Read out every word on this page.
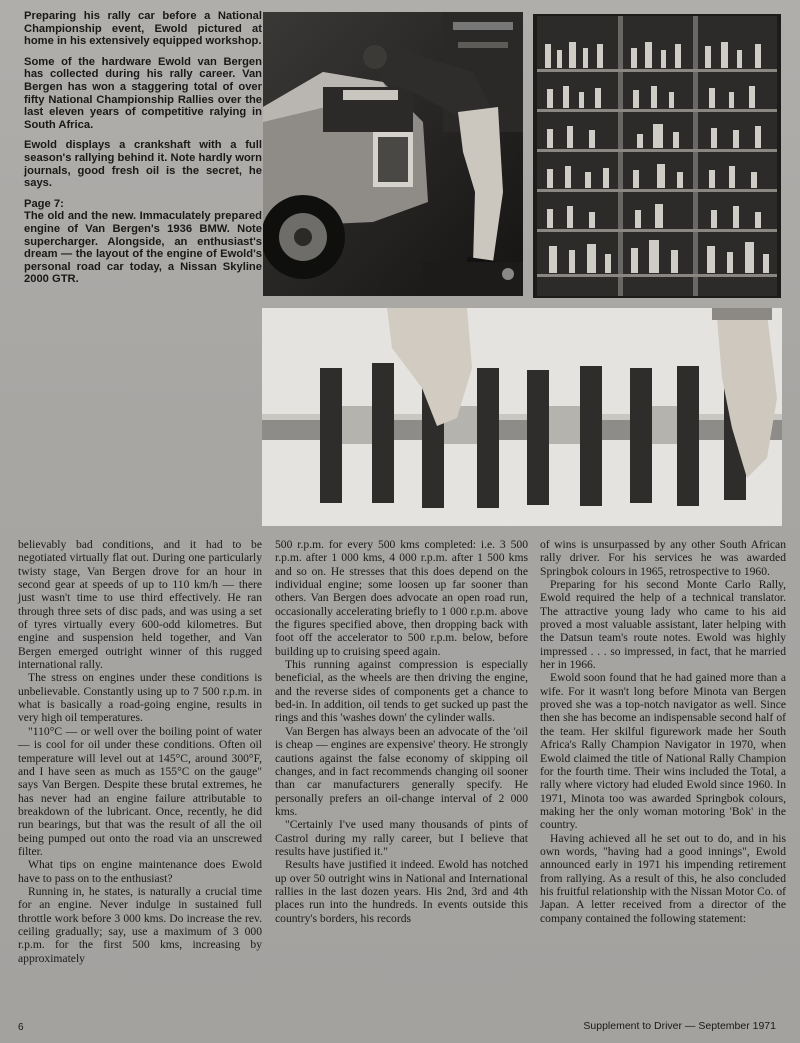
Preparing his rally car before a National Championship event, Ewold pictured at home in his extensively equipped workshop.

Some of the hardware Ewold van Bergen has collected during his rally career. Van Bergen has won a staggering total of over fifty National Championship Rallies over the last eleven years of competitive ralying in South Africa.

Ewold displays a crankshaft with a full season's rallying behind it. Note hardly worn journals, good fresh oil is the secret, he says.

Page 7:

The old and the new. Immaculately prepared engine of Van Bergen's 1936 BMW. Note supercharger. Alongside, an enthusiast's dream — the layout of the engine of Ewold's personal road car today, a Nissan Skyline 2000 GTR.

believably bad conditions, and it had to be negotiated virtually flat out. During one particularly twisty stage, Van Bergen drove for an hour in second gear at speeds of up to 110 km/h — there just wasn't time to use third effectively. He ran through three sets of disc pads, and was using a set of tyres virtually every 600-odd kilometres. But engine and suspension held together, and Van Bergen emerged outright winner of this rugged international rally.

The stress on engines under these conditions is unbelievable. Constantly using up to 7 500 r.p.m. in what is basically a road-going engine, results in very high oil temperatures.

"110°C — or well over the boiling point of water — is cool for oil under these conditions. Often oil temperature will level out at 145°C, around 300°F, and I have seen as much as 155°C on the gauge" says Van Bergen. Despite these brutal extremes, he has never had an engine failure attributable to breakdown of the lubricant. Once, recently, he did run bearings, but that was the result of all the oil being pumped out onto the road via an unscrewed filter.

What tips on engine maintenance does Ewold have to pass on to the enthusiast?

Running in, he states, is naturally a crucial time for an engine. Never indulge in sustained full throttle work before 3 000 kms. Do increase the rev. ceiling gradually; say, use a maximum of 3 000 r.p.m. for the first 500 kms, increasing by approximately

500 r.p.m. for every 500 kms completed: i.e. 3 500 r.p.m. after 1 000 kms, 4 000 r.p.m. after 1 500 kms and so on. He stresses that this does depend on the individual engine; some loosen up far sooner than others. Van Bergen does advocate an open road run, occasionally accelerating briefly to 1 000 r.p.m. above the figures specified above, then dropping back with foot off the accelerator to 500 r.p.m. below, before building up to cruising speed again.

This running against compression is especially beneficial, as the wheels are then driving the engine, and the reverse sides of components get a chance to bed-in. In addition, oil tends to get sucked up past the rings and this 'washes down' the cylinder walls.

Van Bergen has always been an advocate of the 'oil is cheap — engines are expensive' theory. He strongly cautions against the false economy of skipping oil changes, and in fact recommends changing oil sooner than car manufacturers generally specify. He personally prefers an oil-change interval of 2 000 kms.

"Certainly I've used many thousands of pints of Castrol during my rally career, but I believe that results have justified it."

Results have justified it indeed. Ewold has notched up over 50 outright wins in National and International rallies in the last dozen years. His 2nd, 3rd and 4th places run into the hundreds. In events outside this country's borders, his records

of wins is unsurpassed by any other South African rally driver. For his services he was awarded Springbok colours in 1965, retrospective to 1960.

Preparing for his second Monte Carlo Rally, Ewold required the help of a technical translator. The attractive young lady who came to his aid proved a most valuable assistant, later helping with the Datsun team's route notes. Ewold was highly impressed . . . so impressed, in fact, that he married her in 1966.

Ewold soon found that he had gained more than a wife. For it wasn't long before Minota van Bergen proved she was a top-notch navigator as well. Since then she has become an indispensable second half of the team. Her skilful figurework made her South Africa's Rally Champion Navigator in 1970, when Ewold claimed the title of National Rally Champion for the fourth time. Their wins included the Total, a rally where victory had eluded Ewold since 1960. In 1971, Minota too was awarded Springbok colours, making her the only woman motoring 'Bok' in the country.

Having achieved all he set out to do, and in his own words, "having had a good innings", Ewold announced early in 1971 his impending retirement from rallying. As a result of this, he also concluded his fruitful relationship with the Nissan Motor Co. of Japan. A letter received from a director of the company contained the following statement:

6	Supplement to Driver — September 1971
